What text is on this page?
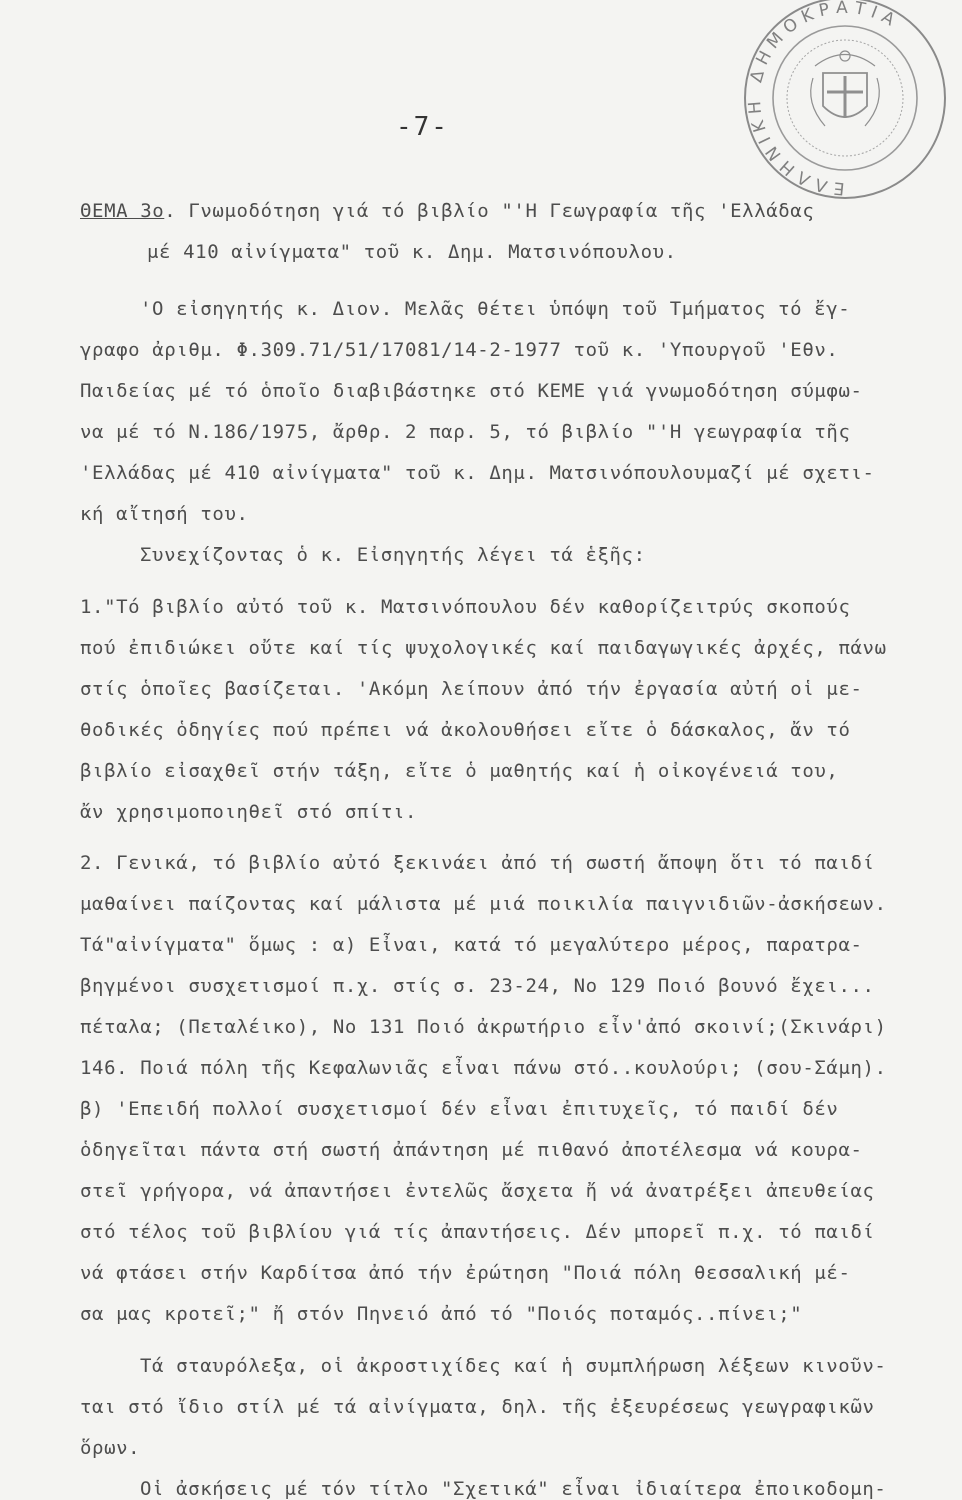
ΕΛΛΗΝΙΚΗ ΔΗΜΟΚΡΑΤΙΑ
-7-
ΘΕΜΑ 3ο. Γνωμοδότηση γιά τό βιβλίο "'Η Γεωγραφία τῆς 'Ελλάδας
μέ 410 αἰνίγματα" τοῦ κ. Δημ. Ματσινόπουλου.
'Ο εἰσηγητής κ. Διον. Μελᾶς θέτει ὑπόψη τοῦ Τμήματος τό ἔγ-
γραφο ἀριθμ. Φ.309.71/51/17081/14-2-1977 τοῦ κ. 'Υπουργοῦ 'Εθν.
Παιδείας μέ τό ὁποῖο διαβιβάστηκε στό ΚΕΜΕ γιά γνωμοδότηση σύμφω-
να μέ τό Ν.186/1975, ἄρθρ. 2 παρ. 5, τό βιβλίο "'Η γεωγραφία τῆς
'Ελλάδας μέ 410 αἰνίγματα" τοῦ κ. Δημ. Ματσινόπουλουμαζί μέ σχετι-
κή αἴτησή του.
Συνεχίζοντας ὁ κ. Εἰσηγητής λέγει τά ἑξῆς:
1."Τό βιβλίο αὐτό τοῦ κ. Ματσινόπουλου δέν καθορίζειτρύς σκοπούς
πού ἐπιδιώκει οὔτε καί τίς ψυχολογικές καί παιδαγωγικές ἀρχές, πάνω
στίς ὁποῖες βασίζεται. 'Ακόμη λείπουν ἀπό τήν ἐργασία αὐτή οἱ με-
θοδικές ὁδηγίες πού πρέπει νά ἀκολουθήσει εἴτε ὁ δάσκαλος, ἄν τό
βιβλίο εἰσαχθεῖ στήν τάξη, εἴτε ὁ μαθητής καί ἡ οἰκογένειά του,
ἄν χρησιμοποιηθεῖ στό σπίτι.
2. Γενικά, τό βιβλίο αὐτό ξεκινάει ἀπό τή σωστή ἄποψη ὅτι τό παιδί
μαθαίνει παίζοντας καί μάλιστα μέ μιά ποικιλία παιγνιδιῶν-ἀσκήσεων.
Τά"αἰνίγματα" ὅμως : α) Εἶναι, κατά τό μεγαλύτερο μέρος, παρατρα-
βηγμένοι συσχετισμοί π.χ. στίς σ. 23-24, Νο 129 Ποιό βουνό ἔχει...
πέταλα; (Πεταλέικο), Νο 131 Ποιό ἀκρωτήριο εἶν'ἀπό σκοινί;(Σκινάρι)
146. Ποιά πόλη τῆς Κεφαλωνιᾶς εἶναι πάνω στό..κουλούρι; (σου-Σάμη).
β) 'Επειδή πολλοί συσχετισμοί δέν εἶναι ἐπιτυχεῖς, τό παιδί δέν
ὁδηγεῖται πάντα στή σωστή ἀπάντηση μέ πιθανό ἀποτέλεσμα νά κουρα-
στεῖ γρήγορα, νά ἀπαντήσει ἐντελῶς ἄσχετα ἤ νά ἀνατρέξει ἀπευθείας
στό τέλος τοῦ βιβλίου γιά τίς ἀπαντήσεις. Δέν μπορεῖ π.χ. τό παιδί
νά φτάσει στήν Καρδίτσα ἀπό τήν ἐρώτηση "Ποιά πόλη θεσσαλική μέ-
σα μας κροτεῖ;" ἤ στόν Πηνειό ἀπό τό "Ποιός ποταμός..πίνει;"
Τά σταυρόλεξα, οἱ ἀκροστιχίδες καί ἡ συμπλήρωση λέξεων κινοῦν-
ται στό ἴδιο στίλ μέ τά αἰνίγματα, δηλ. τῆς ἐξευρέσεως γεωγραφικῶν
ὅρων.
Οἱ ἀσκήσεις μέ τόν τίτλο "Σχετικά" εἶναι ἰδιαίτερα ἐποικοδομη-
